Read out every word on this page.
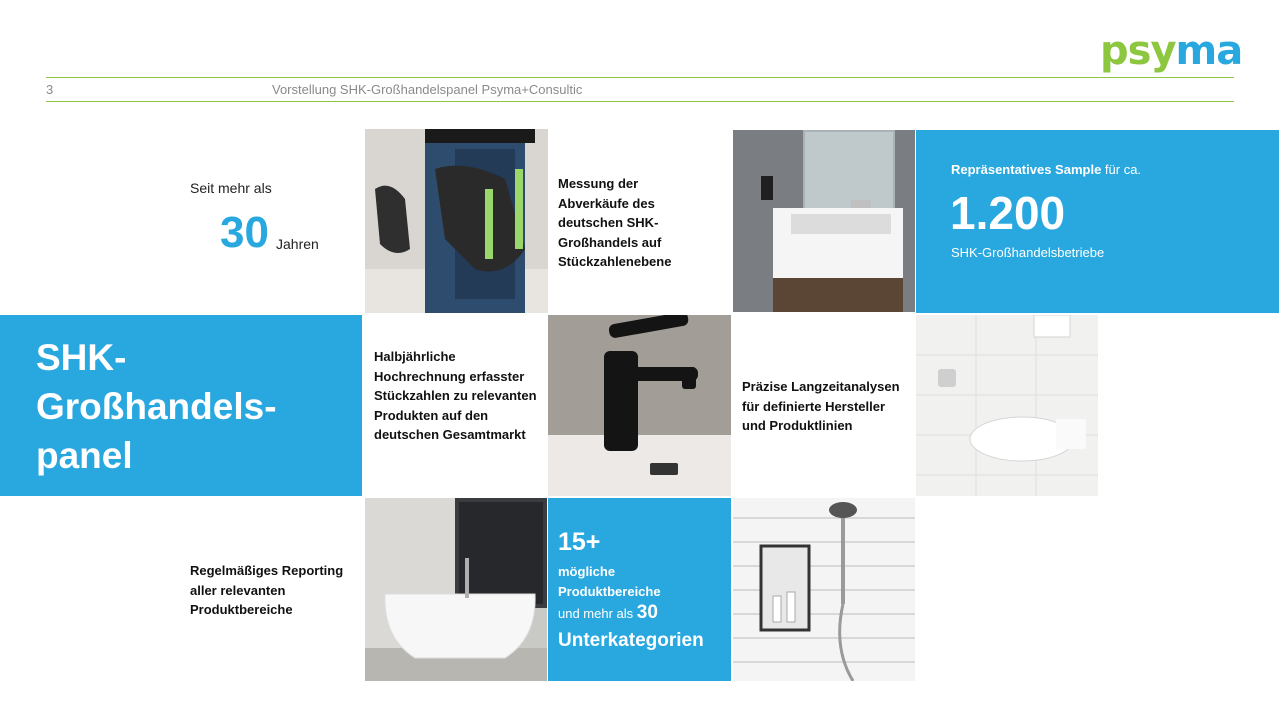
psyma
3	Vorstellung SHK-Großhandelspanel Psyma+Consultic
Seit mehr als
30 Jahren
Messung der Abverkäufe des deutschen SHK-Großhandels auf Stückzahlenebene
Repräsentatives Sample für ca.
1.200
SHK-Großhandelsbetriebe
SHK-
Großhandels-
panel
Halbjährliche Hochrechnung erfasster Stückzahlen zu relevanten Produkten auf den deutschen Gesamtmarkt
Präzise Langzeitanalysen für definierte Hersteller und Produktlinien
Regelmäßiges Reporting aller relevanten Produktbereiche
15+
mögliche
Produktbereiche
und mehr als 30
Unterkategorien
